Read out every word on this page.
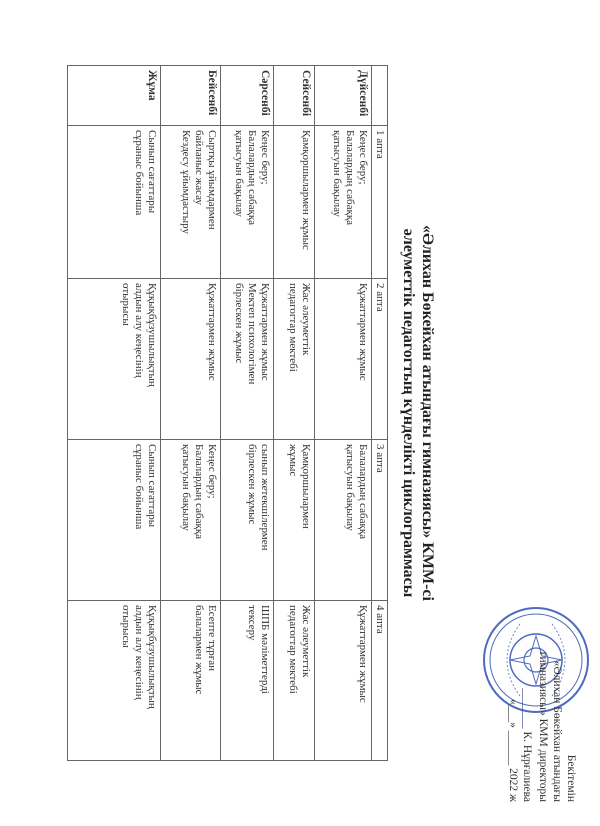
Бекітемін
«Әлихан Бөкейхан атындағы
гимназиясы» КММ директоры
_______ К. Нұрғалиева
«___» ______ 2022 ж
«Әлихан Бөкейхан атындағы гимназиясы» КММ-сі
әлеуметтік педагогтың күнделікті циклограммасы
	1 апта	2 апта	3 апта	4 апта
Дүйсенбі	Кеңес беру;
Балалардың сабаққа
қатысуын бақылау	Құжаттармен жұмыс	Балалардың сабаққа
қатысуын бақылау	Құжаттармен жұмыс

Сейсенбі	Қамқоршылармен жұмыс	Жас әлеуметтік
педагогтар мектебі	Қамқоршылармен
жұмыс	Жас әлеуметтік
педагогтар мектебі

Сәрсенбі	Кеңес беру;
Балалардың сабаққа
қатысуын бақылау	Құжаттармен жұмыс
Мектеп психологімен
бірлескен жұмыс	сынып жетекшілермен
бірлескен жұмыс	ШПБ мәліметтерді
тексеру

Бейсенбі	Сыртқы ұйымдармен
байланыс жасау
Кездесу ұйымдастыру	Құжаттармен жұмыс	Кеңес беру;
Балалардың сабаққа
қатысуын бақылау	Есепте тұрған
балалармен жұмыс

Жұма	Сынып сағаттары
сұраныс бойынша	Құқықбұзушылықтың
алдын алу кеңесінің
отырысы	Сынып сағаттары
сұраныс бойынша	Құқықбұзушылықтың
алдын алу кеңесінің
отырысы
